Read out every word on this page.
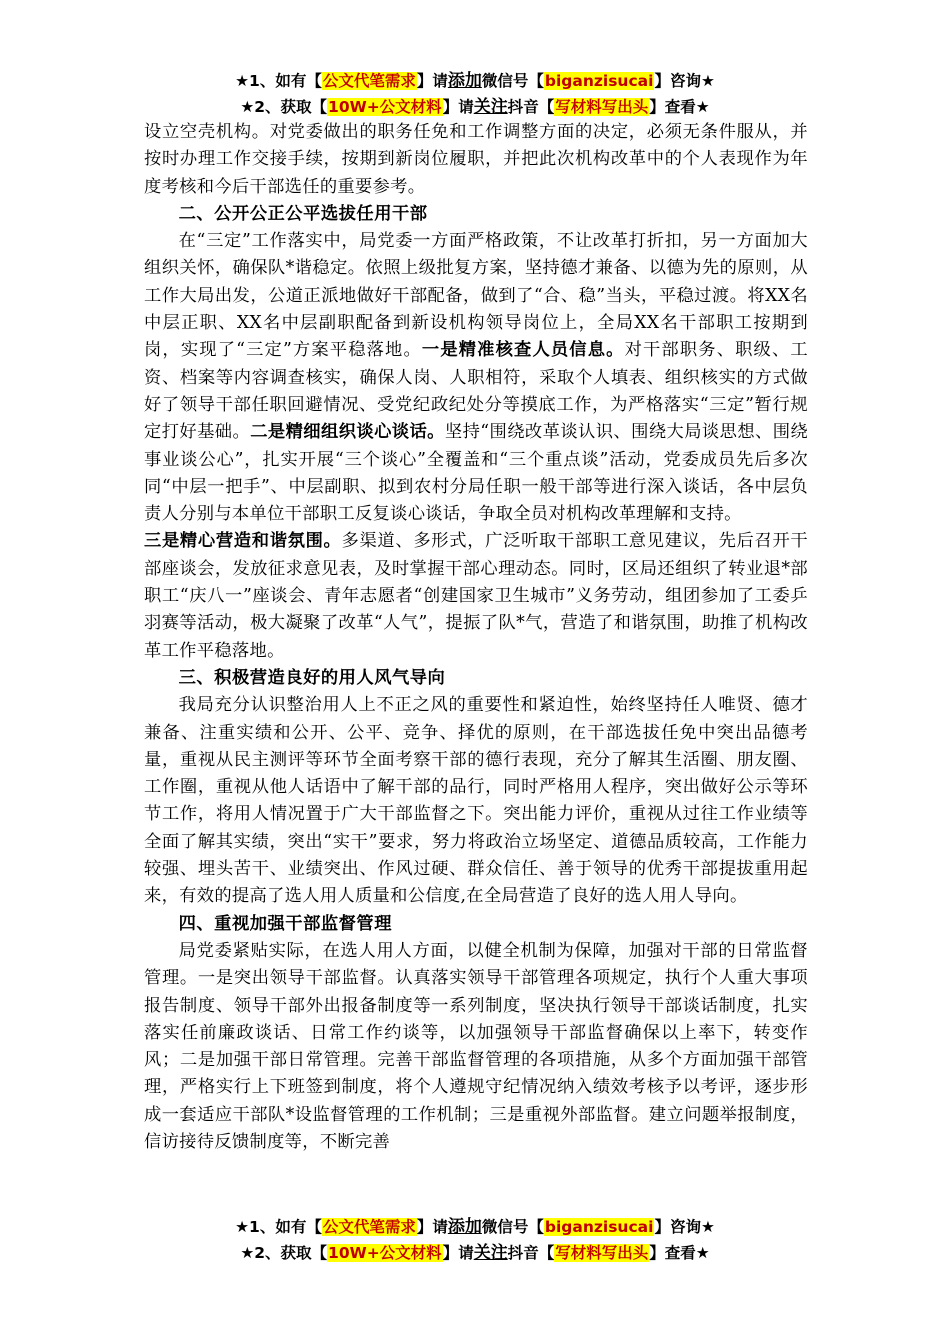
★1、如有【公文代笔需求】请添加微信号【biganzisucai】咨询★
★2、获取【10W+公文材料】请关注抖音【写材料写出头】查看★

设立空壳机构。对党委做出的职务任免和工作调整方面的决定，必须无条件服从，并按时办理工作交接手续，按期到新岗位履职，并把此次机构改革中的个人表现作为年度考核和今后干部选任的重要参考。

二、公开公正公平选拔任用干部

在“三定”工作落实中，局党委一方面严格政策，不让改革打折扣，另一方面加大组织关怀，确保队*谐稳定。依照上级批复方案，坚持德才兼备、以德为先的原则，从工作大局出发，公道正派地做好干部配备，做到了“合、稳”当头，平稳过渡。将XX名中层正职、XX名中层副职配备到新设机构领导岗位上，全局XX名干部职工按期到岗，实现了“三定”方案平稳落地。一是精准核查人员信息。对干部职务、职级、工资、档案等内容调查核实，确保人岗、人职相符，采取个人填表、组织核实的方式做好了领导干部任职回避情况、受党纪政纪处分等摸底工作，为严格落实“三定”暂行规定打好基础。二是精细组织谈心谈话。坚持“围绕改革谈认识、围绕大局谈思想、围绕事业谈公心”，扎实开展“三个谈心”全覆盖和“三个重点谈”活动，党委成员先后多次同“中层一把手”、中层副职、拟到农村分局任职一般干部等进行深入谈话，各中层负责人分别与本单位干部职工反复谈心谈话，争取全员对机构改革理解和支持。
三是精心营造和谐氛围。多渠道、多形式，广泛听取干部职工意见建议，先后召开干部座谈会，发放征求意见表，及时掌握干部心理动态。同时，区局还组织了转业退*部职工“庆八一”座谈会、青年志愿者“创建国家卫生城市”义务劳动，组团参加了工委乒羽赛等活动，极大凝聚了改革“人气”，提振了队*气，营造了和谐氛围，助推了机构改革工作平稳落地。

三、积极营造良好的用人风气导向

我局充分认识整治用人上不正之风的重要性和紧迫性，始终坚持任人唯贤、德才兼备、注重实绩和公开、公平、竞争、择优的原则，在干部选拔任免中突出品德考量，重视从民主测评等环节全面考察干部的德行表现，充分了解其生活圈、朋友圈、工作圈，重视从他人话语中了解干部的品行，同时严格用人程序，突出做好公示等环节工作，将用人情况置于广大干部监督之下。突出能力评价，重视从过往工作业绩等全面了解其实绩，突出“实干”要求，努力将政治立场坚定、道德品质较高，工作能力较强、埋头苦干、业绩突出、作风过硬、群众信任、善于领导的优秀干部提拔重用起来，有效的提高了选人用人质量和公信度,在全局营造了良好的选人用人导向。

四、重视加强干部监督管理

局党委紧贴实际，在选人用人方面，以健全机制为保障，加强对干部的日常监督管理。一是突出领导干部监督。认真落实领导干部管理各项规定，执行个人重大事项报告制度、领导干部外出报备制度等一系列制度，坚决执行领导干部谈话制度，扎实落实任前廉政谈话、日常工作约谈等，以加强领导干部监督确保以上率下，转变作风；二是加强干部日常管理。完善干部监督管理的各项措施，从多个方面加强干部管理，严格实行上下班签到制度，将个人遵规守纪情况纳入绩效考核予以考评，逐步形成一套适应干部队*设监督管理的工作机制；三是重视外部监督。建立问题举报制度，信访接待反馈制度等，不断完善

★1、如有【公文代笔需求】请添加微信号【biganzisucai】咨询★
★2、获取【10W+公文材料】请关注抖音【写材料写出头】查看★
